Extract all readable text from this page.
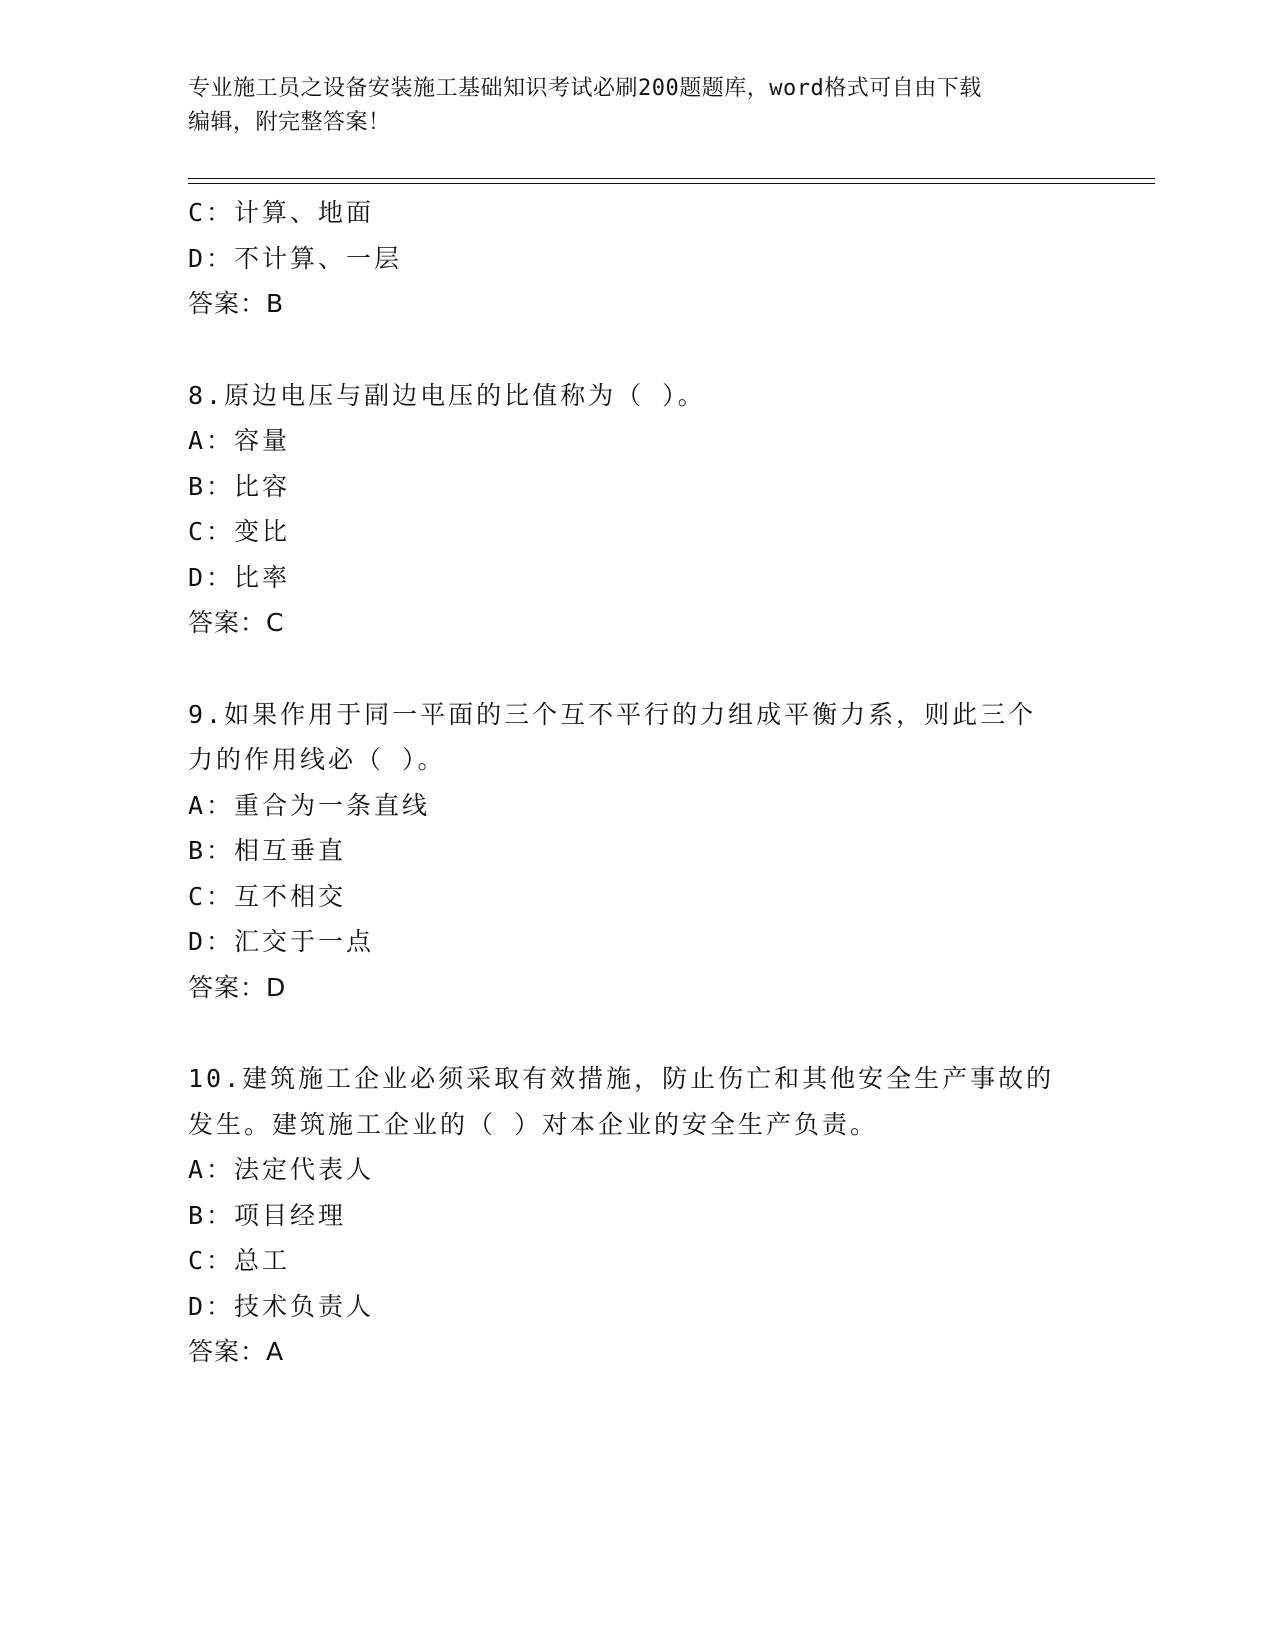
专业施工员之设备安装施工基础知识考试必刷200题题库，word格式可自由下载
编辑，附完整答案！
C：计算、地面
D：不计算、一层
答案：B
8.原边电压与副边电压的比值称为（ ）。
A：容量
B：比容
C：变比
D：比率
答案：C
9.如果作用于同一平面的三个互不平行的力组成平衡力系，则此三个
力的作用线必（ ）。
A：重合为一条直线
B：相互垂直
C：互不相交
D：汇交于一点
答案：D
10.建筑施工企业必须采取有效措施，防止伤亡和其他安全生产事故的
发生。建筑施工企业的（ ）对本企业的安全生产负责。
A：法定代表人
B：项目经理
C：总工
D：技术负责人
答案：A
